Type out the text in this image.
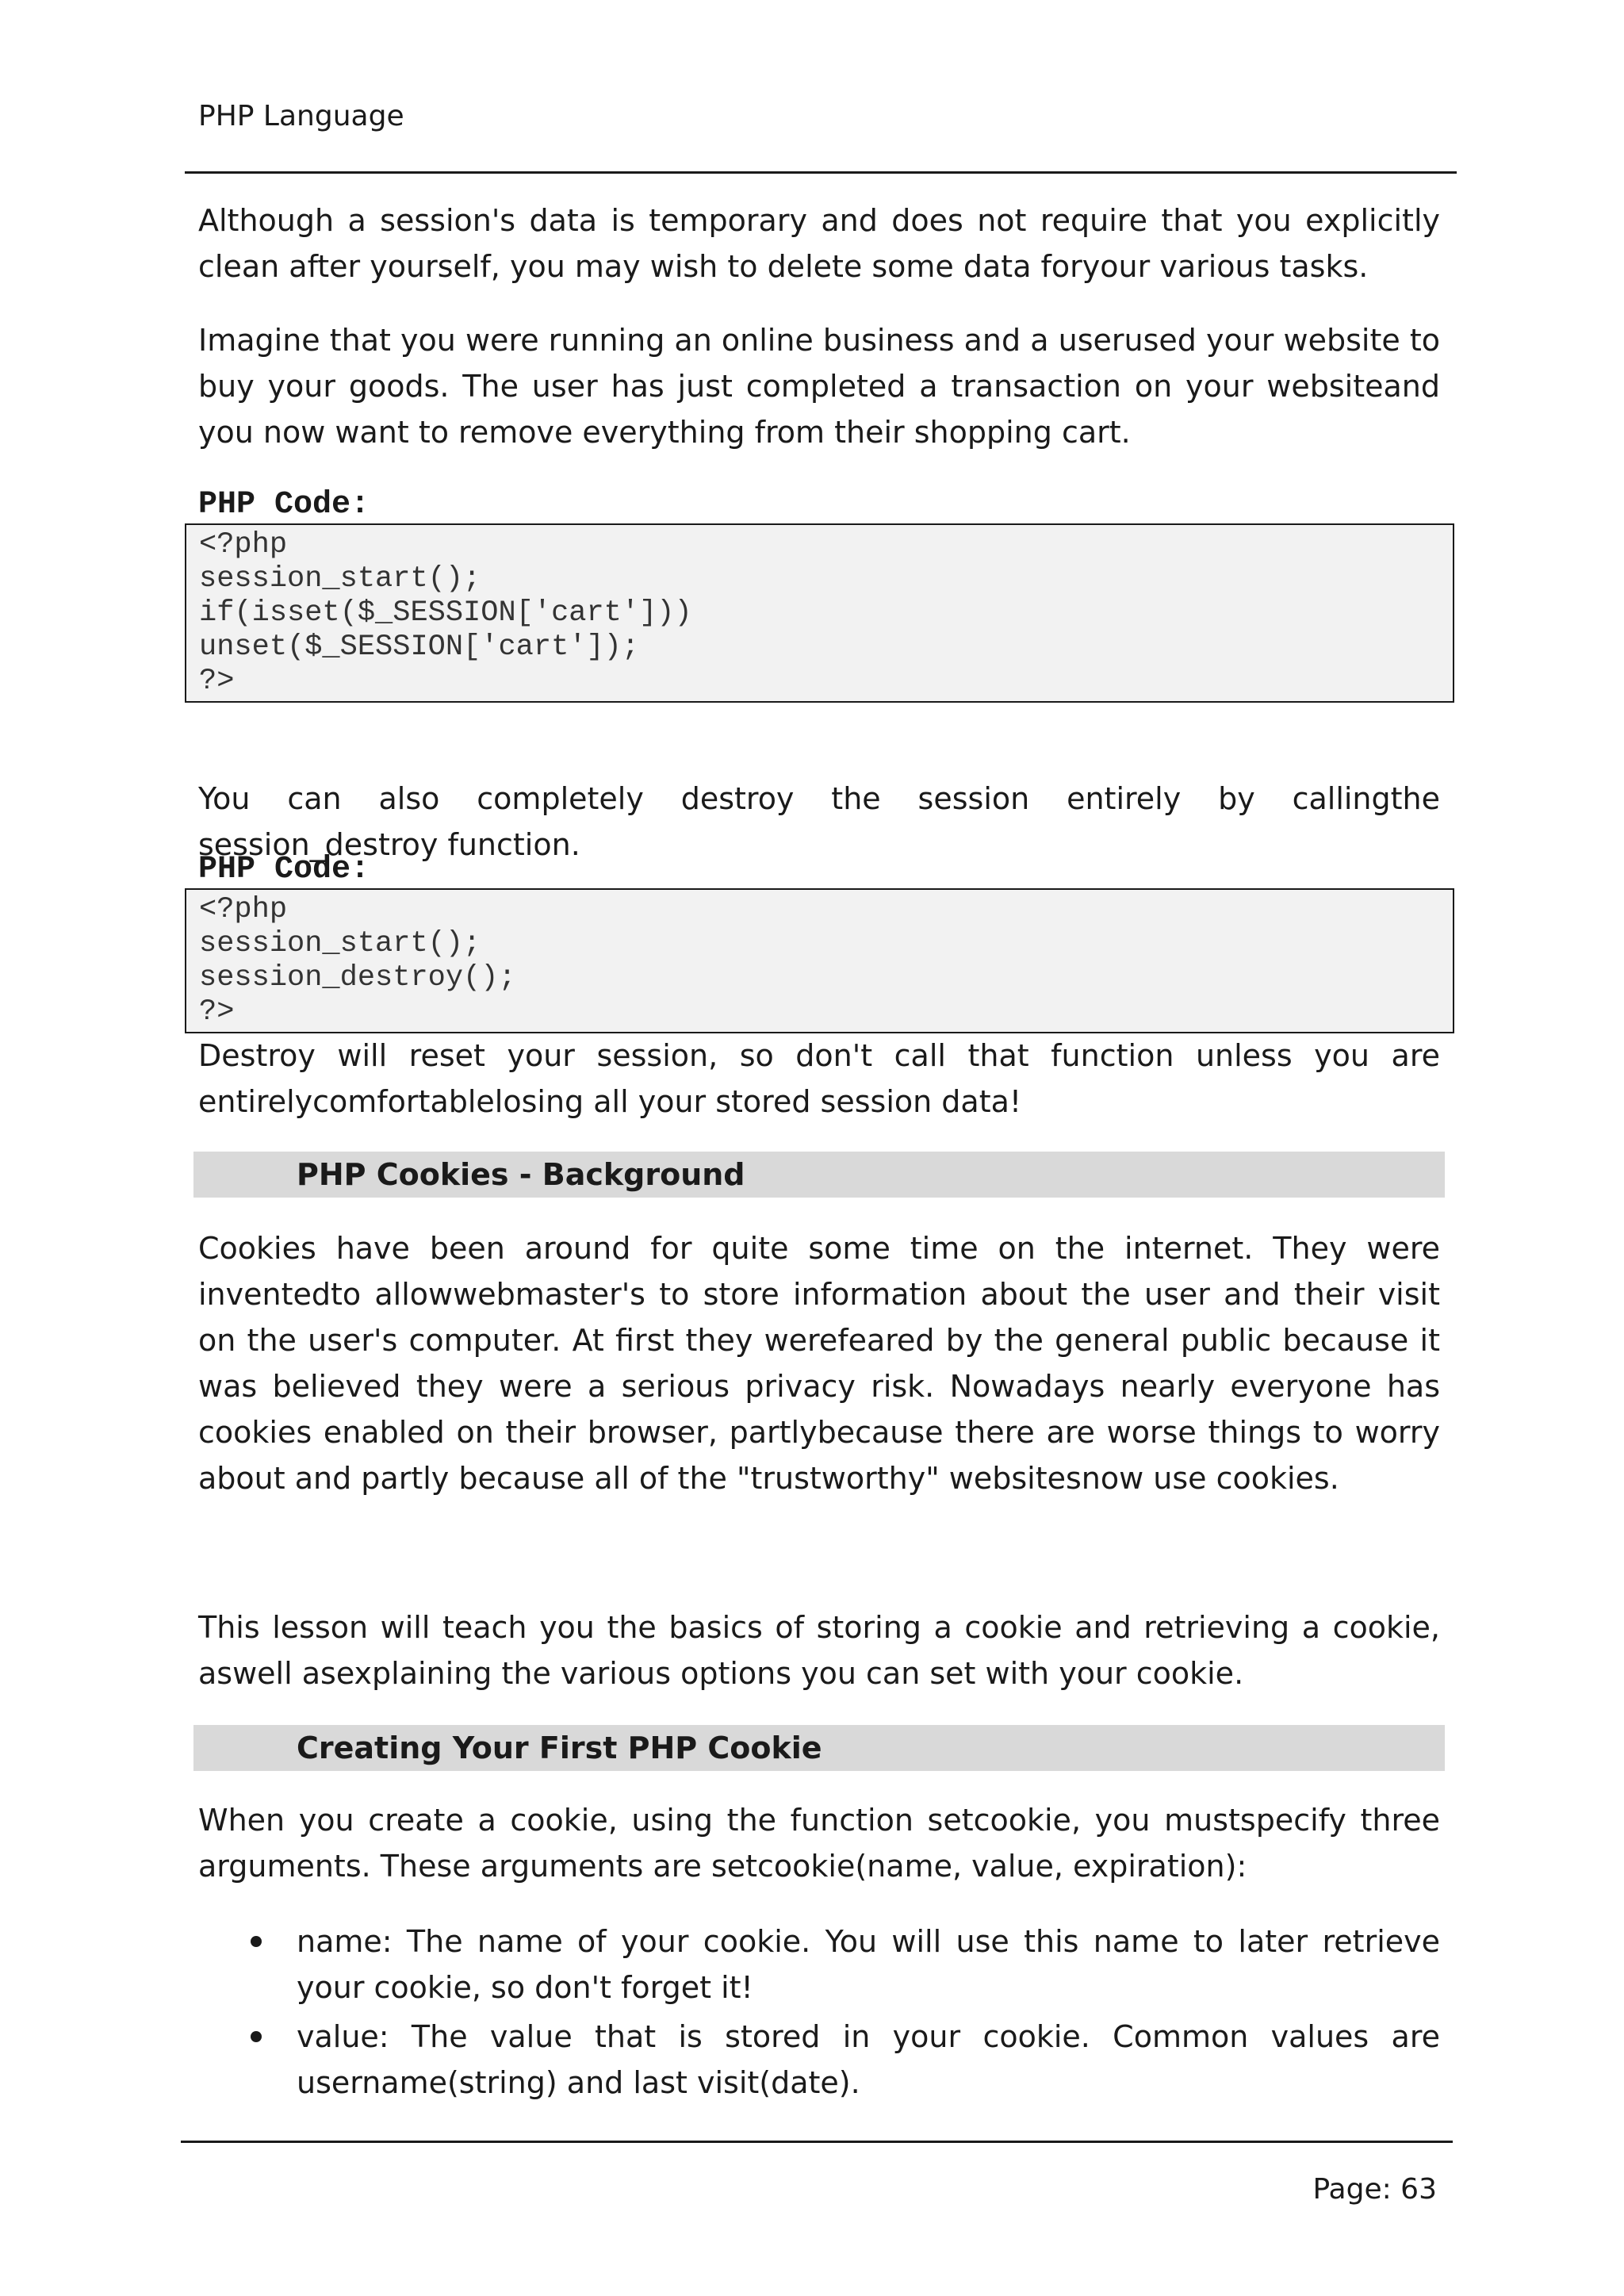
PHP Language
Although a session's data is temporary and does not require that you explicitly clean after yourself, you may wish to delete some data foryour various tasks.
Imagine that you were running an online business and a userused your website to buy your goods. The user has just completed a transaction on your websiteand you now want to remove everything from their shopping cart.
PHP Code:
<?php
session_start();
if(isset($_SESSION['cart']))
unset($_SESSION['cart']);
?>
You can also completely destroy the session entirely by callingthe session_destroy function.
PHP Code:
<?php
session_start();
session_destroy();
?>
Destroy will reset your session, so don't call that function unless you are
entirelycomfortablelosing all your stored session data!
PHP Cookies - Background
Cookies have been around for quite some time on the internet. They were inventedto allowwebmaster's to store information about the user and their visit on the user's computer. At first they werefeared by the general public because it was believed they were a serious privacy risk. Nowadays nearly everyone has cookies enabled on their browser, partlybecause there are worse things to worry about and partly because all of the "trustworthy" websitesnow use cookies.
This lesson will teach you the basics of storing a cookie and retrieving a cookie, aswell asexplaining the various options you can set with your cookie.
Creating Your First PHP Cookie
When you create a cookie, using the function setcookie, you mustspecify three arguments. These arguments are setcookie(name, value, expiration):
name: The name of your cookie. You will use this name to later retrieve your cookie, so don't forget it!
value: The value that is stored in your cookie. Common values are username(string) and last visit(date).
Page: 63
